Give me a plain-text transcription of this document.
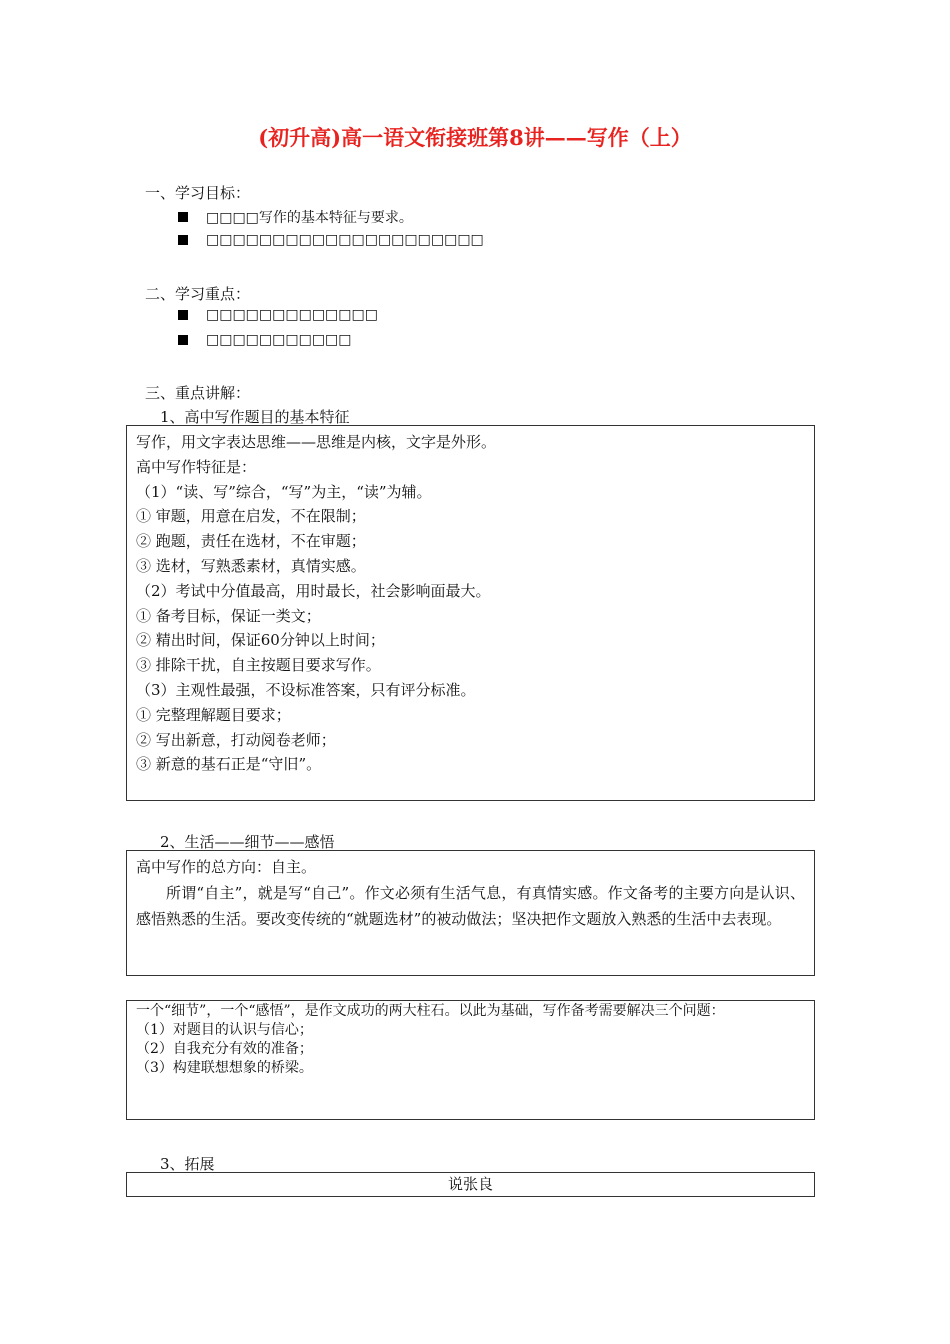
(初升高)高一语文衔接班第8讲——写作（上）
一、学习目标：
□□□□写作的基本特征与要求。
□□□□□□□□□□□□□□□□□□□□□
二、学习重点：
□□□□□□□□□□□□□
□□□□□□□□□□□
三、重点讲解：
1、高中写作题目的基本特征
写作，用文字表达思维——思维是内核，文字是外形。
高中写作特征是：
（1）“读、写”综合，“写”为主，“读”为辅。
① 审题，用意在启发，不在限制；
② 跑题，责任在选材，不在审题；
③ 选材，写熟悉素材，真情实感。
（2）考试中分值最高，用时最长，社会影响面最大。
① 备考目标，保证一类文；
② 精出时间，保证60分钟以上时间；
③ 排除干扰，自主按题目要求写作。
（3）主观性最强，不设标准答案，只有评分标准。
① 完整理解题目要求；
② 写出新意，打动阅卷老师；
③ 新意的基石正是“守旧”。
2、生活——细节——感悟
高中写作的总方向：自主。
所谓“自主”，就是写“自己”。作文必须有生活气息，有真情实感。作文备考的主要方向是认识、感悟熟悉的生活。要改变传统的“就题选材”的被动做法；坚决把作文题放入熟悉的生活中去表现。
一个“细节”，一个“感悟”，是作文成功的两大柱石。以此为基础，写作备考需要解决三个问题：
（1）对题目的认识与信心；
（2）自我充分有效的准备；
（3）构建联想想象的桥梁。
3、拓展
说张良
